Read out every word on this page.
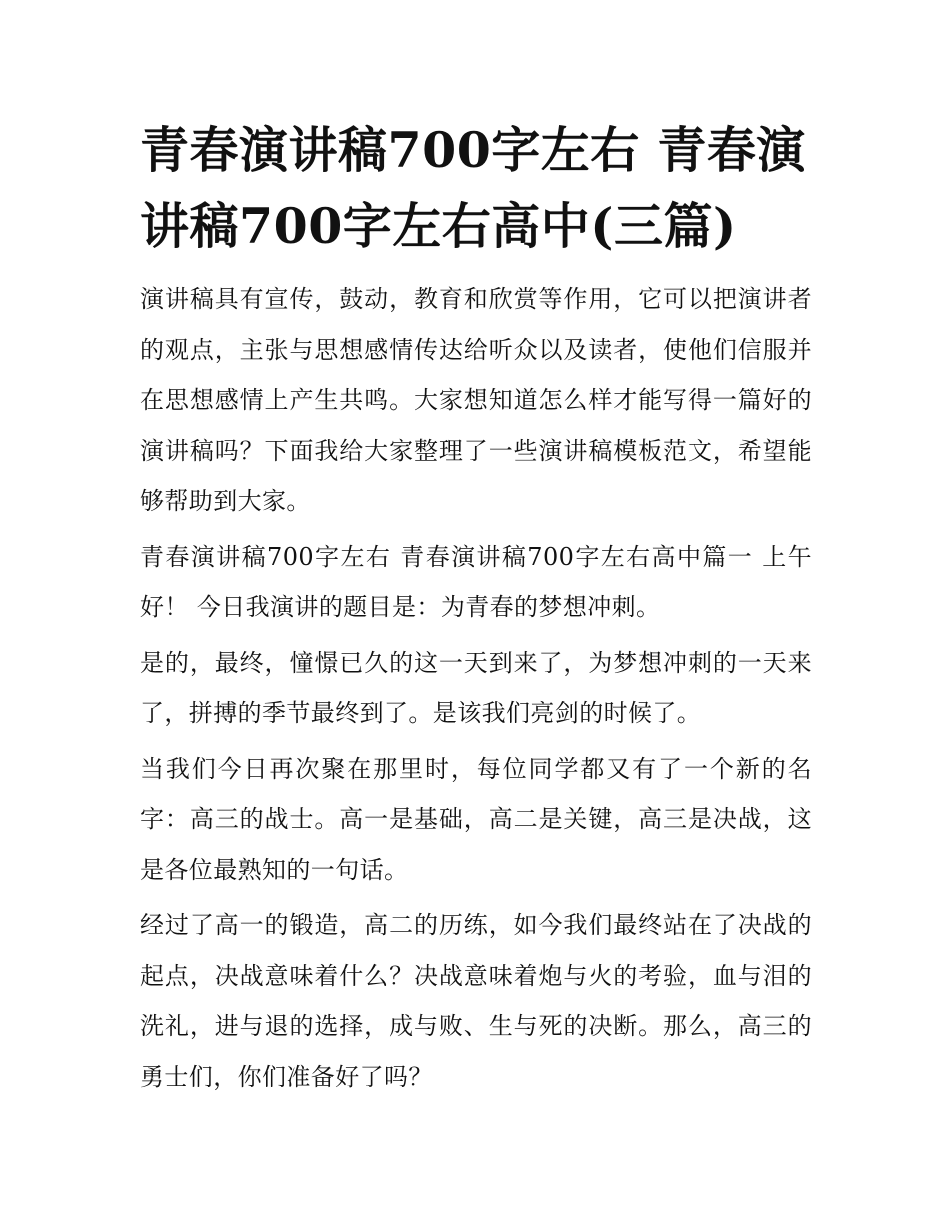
青春演讲稿700字左右 青春演讲稿700字左右高中(三篇)

演讲稿具有宣传，鼓动，教育和欣赏等作用，它可以把演讲者的观点，主张与思想感情传达给听众以及读者，使他们信服并在思想感情上产生共鸣。大家想知道怎么样才能写得一篇好的演讲稿吗？下面我给大家整理了一些演讲稿模板范文，希望能够帮助到大家。

青春演讲稿700字左右 青春演讲稿700字左右高中篇一 上午好！ 今日我演讲的题目是：为青春的梦想冲刺。

是的，最终，憧憬已久的这一天到来了，为梦想冲刺的一天来了，拼搏的季节最终到了。是该我们亮剑的时候了。

当我们今日再次聚在那里时，每位同学都又有了一个新的名字：高三的战士。高一是基础，高二是关键，高三是决战，这是各位最熟知的一句话。

经过了高一的锻造，高二的历练，如今我们最终站在了决战的起点，决战意味着什么？决战意味着炮与火的考验，血与泪的洗礼，进与退的选择，成与败、生与死的决断。那么，高三的勇士们，你们准备好了吗？
